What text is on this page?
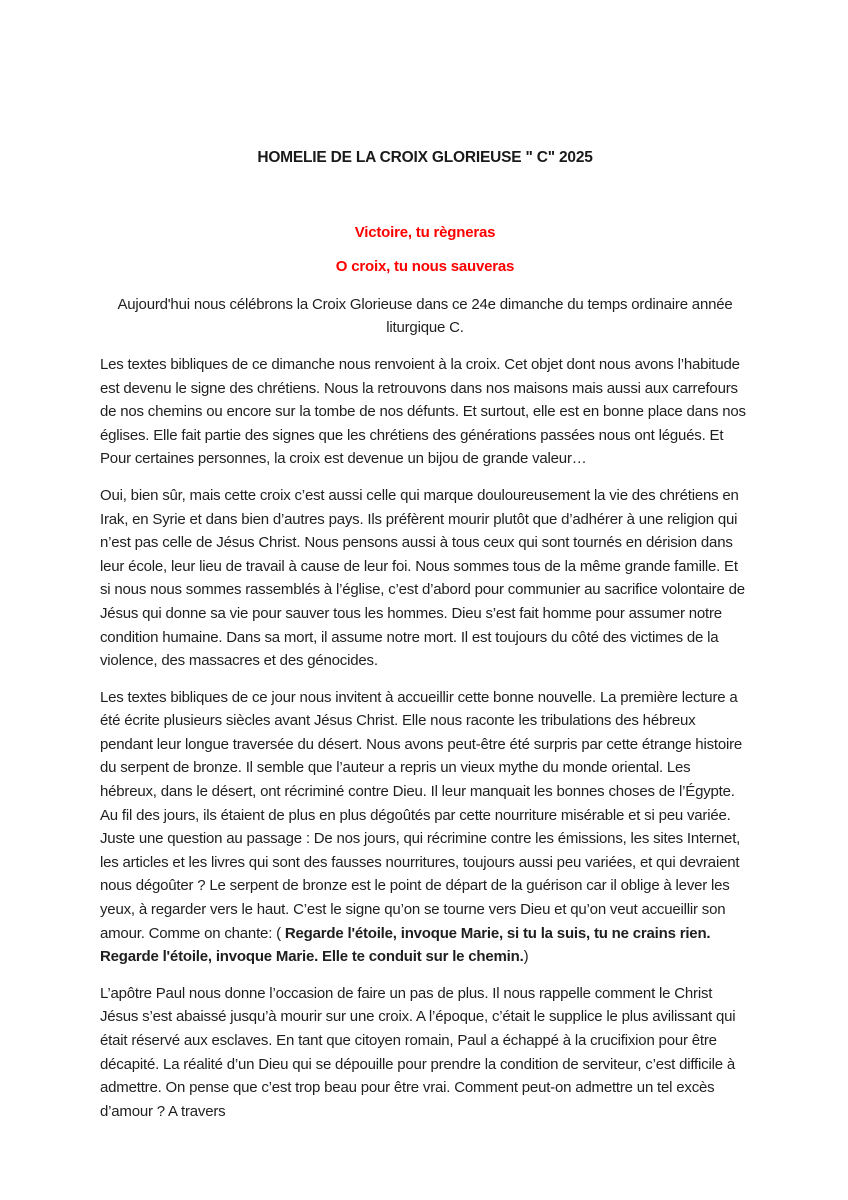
HOMELIE DE LA CROIX GLORIEUSE " C" 2025

Victoire, tu règneras

O croix, tu nous sauveras

Aujourd'hui nous célébrons la Croix Glorieuse dans ce 24e dimanche du temps ordinaire année liturgique C.

Les textes bibliques de ce dimanche nous renvoient à la croix. Cet objet dont nous avons l’habitude est devenu le signe des chrétiens. Nous la retrouvons dans nos maisons mais aussi aux carrefours de nos chemins ou encore sur la tombe de nos défunts. Et surtout, elle est en bonne place dans nos églises. Elle fait partie des signes que les chrétiens des générations passées nous ont légués. Et Pour certaines personnes, la croix est devenue un bijou de grande valeur…

Oui, bien sûr, mais cette croix c’est aussi celle qui marque douloureusement la vie des chrétiens en Irak, en Syrie et dans bien d’autres pays. Ils préfèrent mourir plutôt que d’adhérer à une religion qui n’est pas celle de Jésus Christ. Nous pensons aussi à tous ceux qui sont tournés en dérision dans leur école, leur lieu de travail à cause de leur foi. Nous sommes tous de la même grande famille. Et si nous nous sommes rassemblés à l’église, c’est d’abord pour communier au sacrifice volontaire de Jésus qui donne sa vie pour sauver tous les hommes. Dieu s’est fait homme pour assumer notre condition humaine. Dans sa mort, il assume notre mort. Il est toujours du côté des victimes de la violence, des massacres et des génocides.

Les textes bibliques de ce jour nous invitent à accueillir cette bonne nouvelle. La première lecture a été écrite plusieurs siècles avant Jésus Christ. Elle nous raconte les tribulations des hébreux pendant leur longue traversée du désert. Nous avons peut-être été surpris par cette étrange histoire du serpent de bronze. Il semble que l’auteur a repris un vieux mythe du monde oriental. Les hébreux, dans le désert, ont récriminé contre Dieu. Il leur manquait les bonnes choses de l’Égypte. Au fil des jours, ils étaient de plus en plus dégoûtés par cette nourriture misérable et si peu variée. Juste une question au passage : De nos jours, qui récrimine contre les émissions, les sites Internet, les articles et les livres qui sont des fausses nourritures, toujours aussi peu variées, et qui devraient nous dégoûter ? Le serpent de bronze est le point de départ de la guérison car il oblige à lever les yeux, à regarder vers le haut. C’est le signe qu’on se tourne vers Dieu et qu’on veut accueillir son amour. Comme on chante: ( Regarde l'étoile, invoque Marie, si tu la suis, tu ne crains rien. Regarde l'étoile, invoque Marie. Elle te conduit sur le chemin.)

L’apôtre Paul nous donne l’occasion de faire un pas de plus. Il nous rappelle comment le Christ Jésus s’est abaissé jusqu’à mourir sur une croix. A l’époque, c’était le supplice le plus avilissant qui était réservé aux esclaves. En tant que citoyen romain, Paul a échappé à la crucifixion pour être décapité. La réalité d’un Dieu qui se dépouille pour prendre la condition de serviteur, c’est difficile à admettre. On pense que c’est trop beau pour être vrai. Comment peut-on admettre un tel excès d’amour ? A travers
